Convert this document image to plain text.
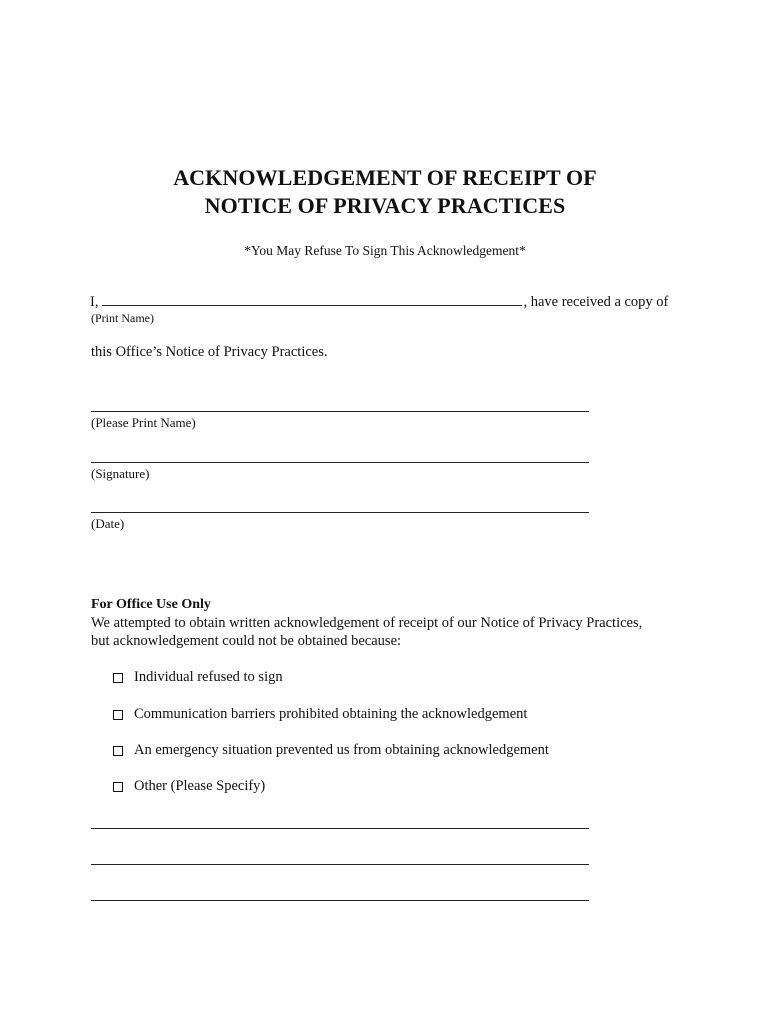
ACKNOWLEDGEMENT OF RECEIPT OF
NOTICE OF PRIVACY PRACTICES
*You May Refuse To Sign This Acknowledgement*
I,	, have received a copy of
(Print Name)
this Office’s Notice of Privacy Practices.
(Please Print Name)
(Signature)
(Date)
For Office Use Only
We attempted to obtain written acknowledgement of receipt of our Notice of Privacy Practices,
but acknowledgement could not be obtained because:
Individual refused to sign
Communication barriers prohibited obtaining the acknowledgement
An emergency situation prevented us from obtaining acknowledgement
Other (Please Specify)
